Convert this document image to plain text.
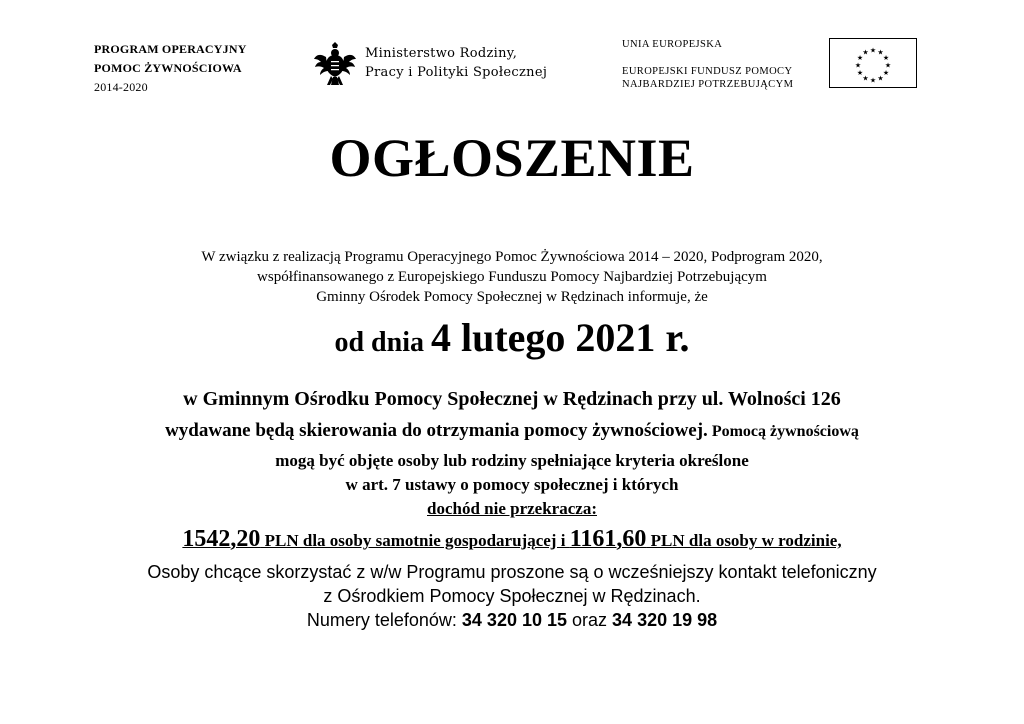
PROGRAM OPERACYJNY
POMOC ŻYWNOŚCIOWA
2014-2020
Ministerstwo Rodziny,
Pracy i Polityki Społecznej
UNIA EUROPEJSKA
EUROPEJSKI FUNDUSZ POMOCY
NAJBARDZIEJ POTRZEBUJĄCYM
★ ★
★
★
★
★
★
★
★
★
★
★
OGŁOSZENIE
W związku z realizacją Programu Operacyjnego Pomoc Żywnościowa 2014 – 2020, Podprogram 2020,
współfinansowanego z Europejskiego Funduszu Pomocy Najbardziej Potrzebującym
Gminny Ośrodek Pomocy Społecznej w Rędzinach informuje, że
od dnia 4 lutego 2021 r.
w Gminnym Ośrodku Pomocy Społecznej w Rędzinach przy ul. Wolności 126
wydawane będą skierowania do otrzymania pomocy żywnościowej. Pomocą żywnościową
mogą być objęte osoby lub rodziny spełniające kryteria określone
w art. 7 ustawy o pomocy społecznej i których
dochód nie przekracza:
1542,20 PLN dla osoby samotnie gospodarującej i 1161,60 PLN dla osoby w rodzinie,
Osoby chcące skorzystać z w/w Programu proszone są o wcześniejszy kontakt telefoniczny
z Ośrodkiem Pomocy Społecznej w Rędzinach.
Numery telefonów: 34 320 10 15 oraz 34 320 19 98
